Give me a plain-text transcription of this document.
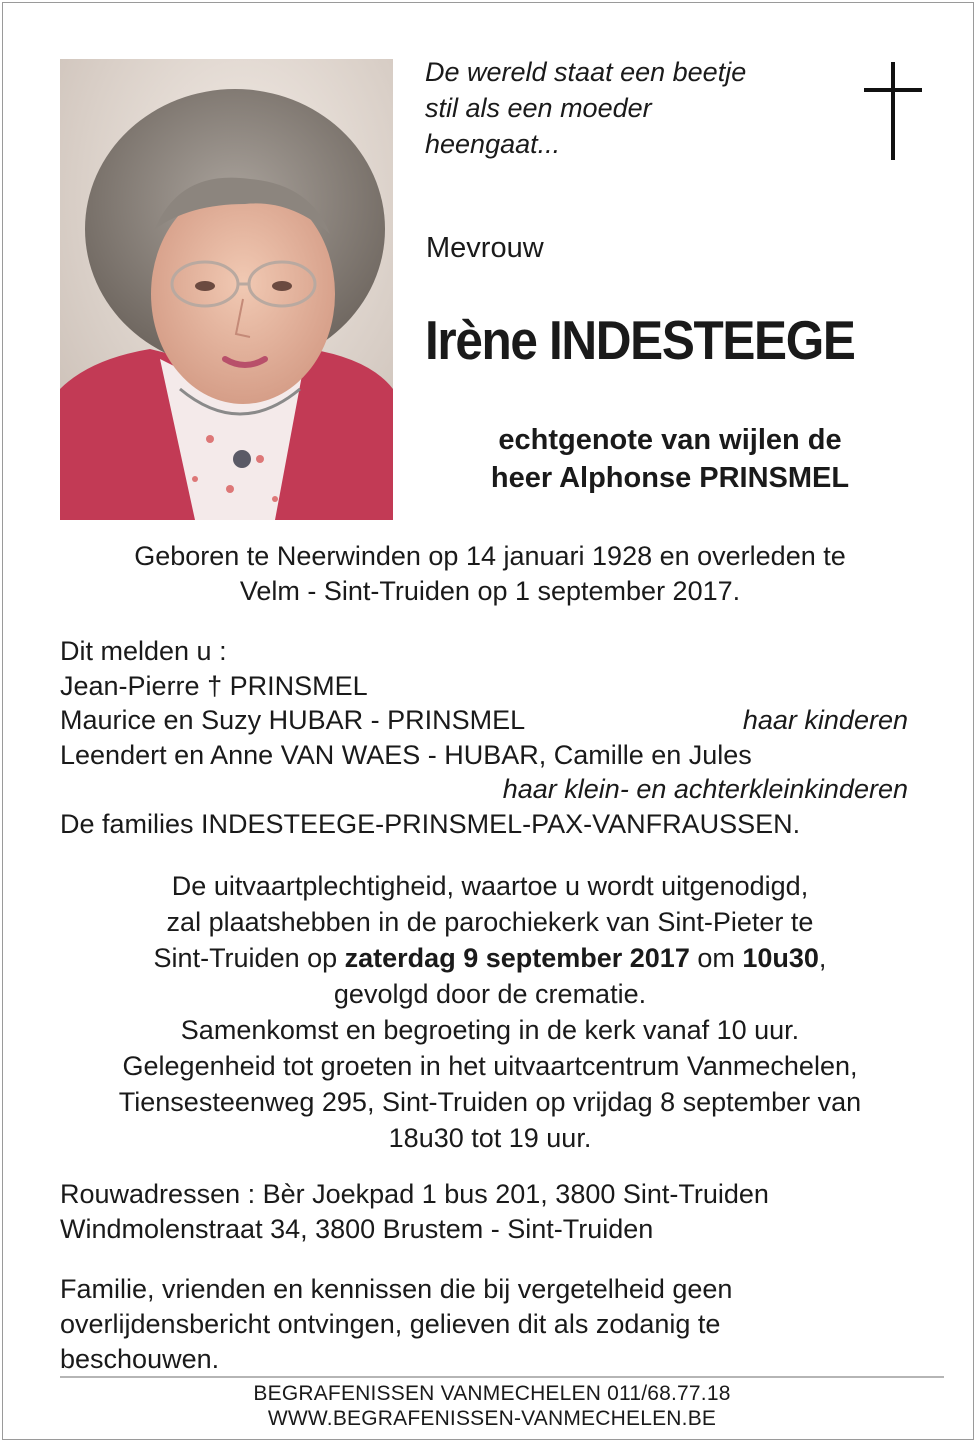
De wereld staat een beetje
stil als een moeder
heengaat...
Mevrouw
Irène INDESTEEGE
echtgenote van wijlen de
heer Alphonse PRINSMEL
Geboren te Neerwinden op 14 januari 1928 en overleden te
Velm - Sint-Truiden op 1 september 2017.
Dit melden u :
Jean-Pierre † PRINSMEL
Maurice en Suzy HUBAR - PRINSMEL	haar kinderen
Leendert en Anne VAN WAES - HUBAR, Camille en Jules
haar klein- en achterkleinkinderen
De families INDESTEEGE-PRINSMEL-PAX-VANFRAUSSEN.
De uitvaartplechtigheid, waartoe u wordt uitgenodigd,
zal plaatshebben in de parochiekerk van Sint-Pieter te
Sint-Truiden op zaterdag 9 september 2017 om 10u30,
gevolgd door de crematie.
Samenkomst en begroeting in de kerk vanaf 10 uur.
Gelegenheid tot groeten in het uitvaartcentrum Vanmechelen,
Tiensesteenweg 295, Sint-Truiden op vrijdag 8 september van
18u30 tot 19 uur.
Rouwadressen : Bèr Joekpad 1 bus 201, 3800 Sint-Truiden
Windmolenstraat 34, 3800 Brustem - Sint-Truiden
Familie, vrienden en kennissen die bij vergetelheid geen
overlijdensbericht ontvingen, gelieven dit als zodanig te
beschouwen.
BEGRAFENISSEN VANMECHELEN 011/68.77.18
WWW.BEGRAFENISSEN-VANMECHELEN.BE
